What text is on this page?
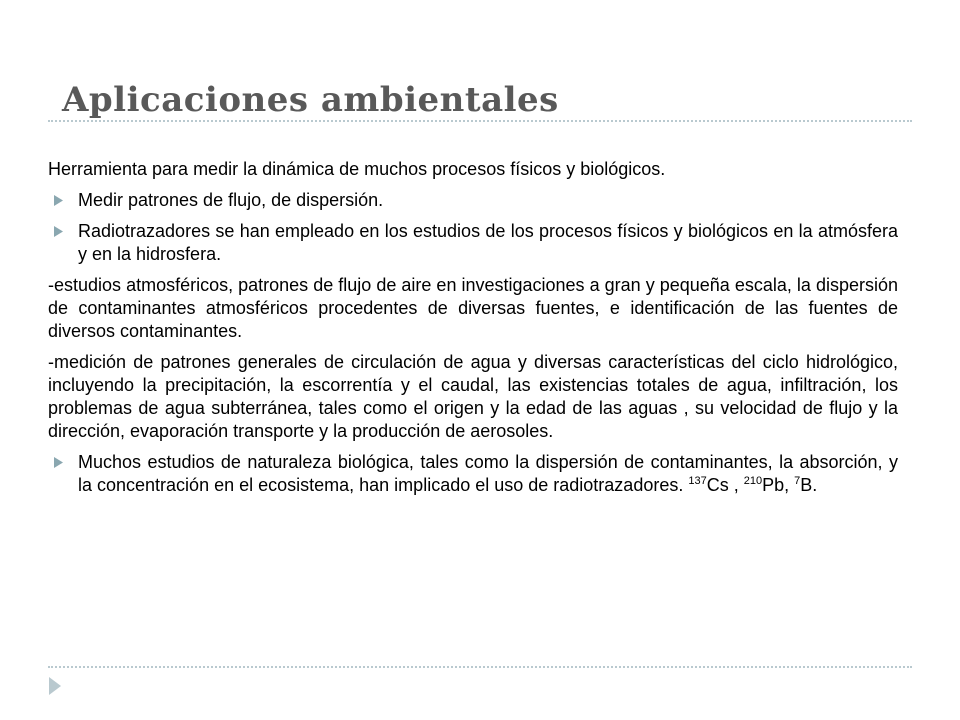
Aplicaciones ambientales

Herramienta para medir la dinámica de muchos procesos físicos y biológicos.

Medir patrones de flujo, de dispersión.
Radiotrazadores se han empleado en los estudios de los procesos físicos y biológicos en la atmósfera y en la hidrosfera.

-estudios atmosféricos, patrones de flujo de aire en investigaciones a gran y pequeña escala, la dispersión de contaminantes atmosféricos procedentes de diversas fuentes, e identificación de las fuentes de diversos contaminantes.

-medición de patrones generales de circulación de agua y diversas características del ciclo hidrológico, incluyendo la precipitación, la escorrentía y el caudal, las existencias totales de agua, infiltración, los problemas de agua subterránea, tales como el origen y la edad de las aguas , su velocidad de flujo y la dirección, evaporación transporte y la producción de aerosoles.

Muchos estudios de naturaleza biológica, tales como la dispersión de contaminantes, la absorción, y la concentración en el ecosistema, han implicado el uso de radiotrazadores. $^{137}$Cs , $^{210}$Pb, $^7$B.
